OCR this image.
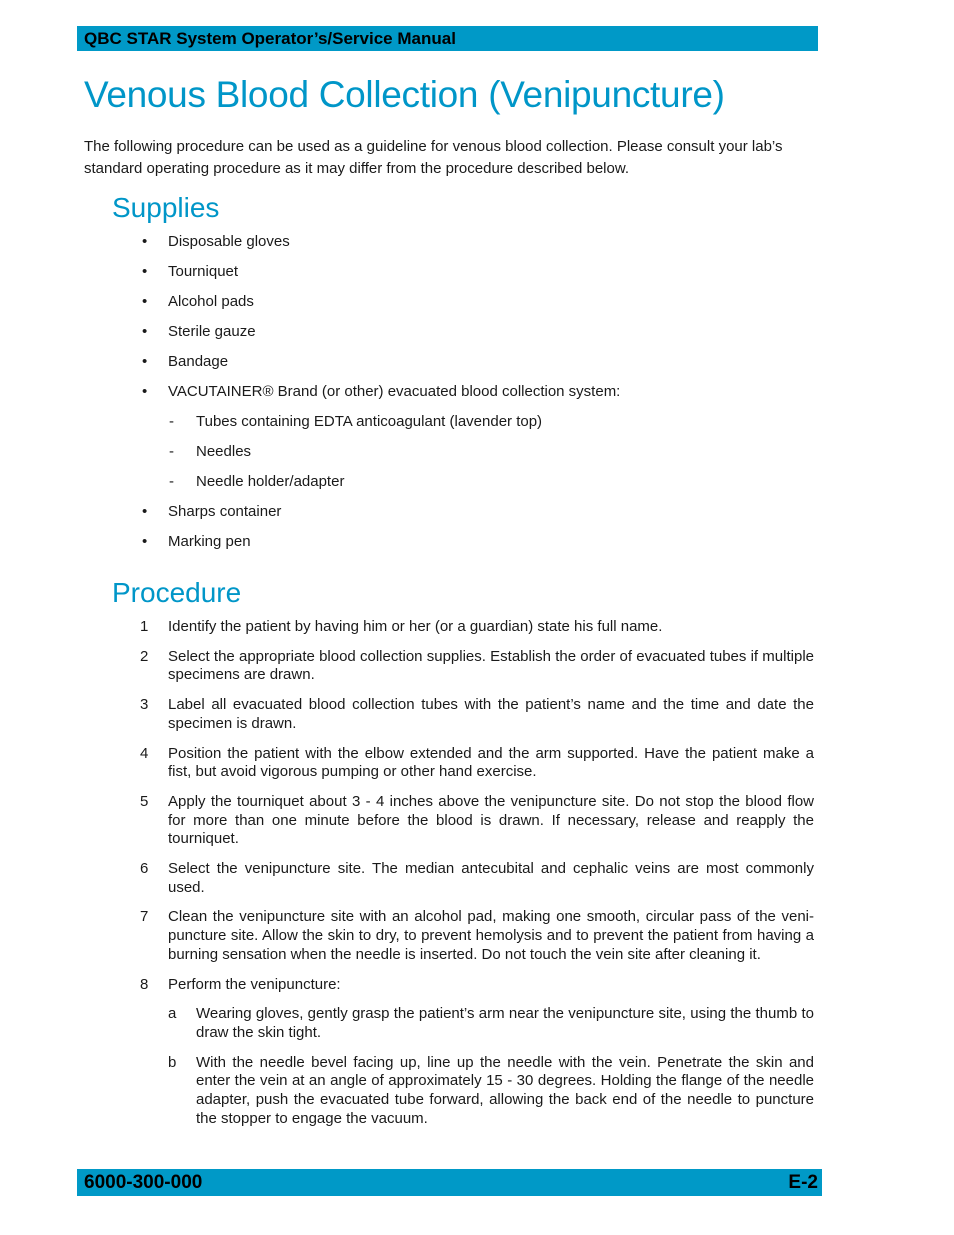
QBC STAR System Operator’s/Service Manual
Venous Blood Collection (Venipuncture)

The following procedure can be used as a guideline for venous blood collection. Please consult your lab’s standard operating procedure as it may differ from the procedure described below.

Supplies
• Disposable gloves
• Tourniquet
• Alcohol pads
• Sterile gauze
• Bandage
• VACUTAINER® Brand (or other) evacuated blood collection system:
- Tubes containing EDTA anticoagulant (lavender top)
- Needles
- Needle holder/adapter
• Sharps container
• Marking pen
Procedure
1 Identify the patient by having him or her (or a guardian) state his full name.
2 Select the appropriate blood collection supplies. Establish the order of evacuated tubes if multiple specimens are drawn.
3 Label all evacuated blood collection tubes with the patient’s name and the time and date the specimen is drawn.
4 Position the patient with the elbow extended and the arm supported. Have the patient make a fist, but avoid vigorous pumping or other hand exercise.
5 Apply the tourniquet about 3 - 4 inches above the venipuncture site. Do not stop the blood flow for more than one minute before the blood is drawn. If necessary, release and reapply the tourniquet.
6 Select the venipuncture site. The median antecubital and cephalic veins are most commonly used.
7 Clean the venipuncture site with an alcohol pad, making one smooth, circular pass of the veni-puncture site. Allow the skin to dry, to prevent hemolysis and to prevent the patient from having a burning sensation when the needle is inserted. Do not touch the vein site after cleaning it.
8 Perform the venipuncture:
a Wearing gloves, gently grasp the patient’s arm near the venipuncture site, using the thumb to draw the skin tight.
b With the needle bevel facing up, line up the needle with the vein. Penetrate the skin and enter the vein at an angle of approximately 15 - 30 degrees. Holding the flange of the needle adapter, push the evacuated tube forward, allowing the back end of the needle to puncture the stopper to engage the vacuum.
6000-300-000	E-2
